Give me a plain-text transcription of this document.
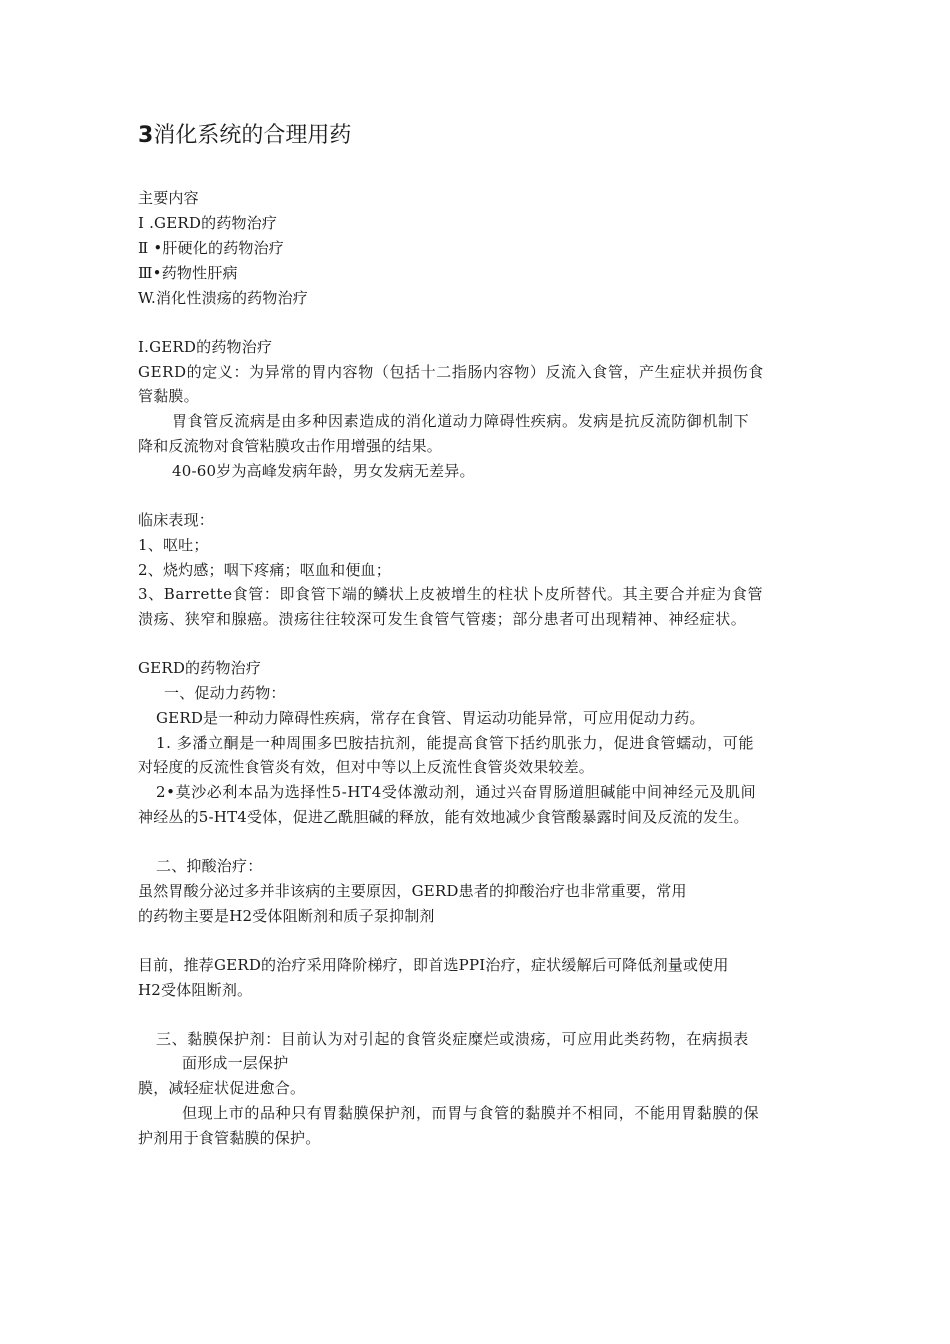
3消化系统的合理用药
主要内容
Ⅰ .GERD的药物治疗
Ⅱ •肝硬化的药物治疗
Ⅲ•药物性肝病
W.消化性溃疡的药物治疗
I.GERD的药物治疗
GERD的定义：为异常的胃内容物（包括十二指肠内容物）反流入食管，产生症状并损伤食
管黏膜。
胃食管反流病是由多种因素造成的消化道动力障碍性疾病。发病是抗反流防御机制下
降和反流物对食管粘膜攻击作用增强的结果。
40-60岁为高峰发病年龄，男女发病无差异。
临床表现：
1、呕吐；
2、烧灼感；咽下疼痛；呕血和便血；
3、Barrette食管：即食管下端的鳞状上皮被增生的柱状卜皮所替代。其主要合并症为食管
溃疡、狭窄和腺癌。溃疡往往较深可发生食管气管瘘；部分患者可出现精神、神经症状。
GERD的药物治疗
一、促动力药物：
GERD是一种动力障碍性疾病，常存在食管、胃运动功能异常，可应用促动力药。
1. 多潘立酮是一种周围多巴胺拮抗剂，能提高食管下括约肌张力，促进食管蠕动，可能
对轻度的反流性食管炎有效，但对中等以上反流性食管炎效果较差。
2•莫沙必利本品为选择性5-HT4受体激动剂，通过兴奋胃肠道胆碱能中间神经元及肌间
神经丛的5-HT4受体，促进乙酰胆碱的释放，能有效地减少食管酸暴露时间及反流的发生。
二、抑酸治疗：
虽然胃酸分泌过多并非该病的主要原因，GERD患者的抑酸治疗也非常重要，常用
的药物主要是H2受体阻断剂和质子泵抑制剂
目前，推荐GERD的治疗采用降阶梯疗，即首选PPI治疗，症状缓解后可降低剂量或使用
H2受体阻断剂。
三、黏膜保护剂：目前认为对引起的食管炎症糜烂或溃疡，可应用此类药物，在病损表
面形成一层保护
膜，减轻症状促进愈合。
但现上市的品种只有胃黏膜保护剂，而胃与食管的黏膜并不相同，不能用胃黏膜的保
护剂用于食管黏膜的保护。
